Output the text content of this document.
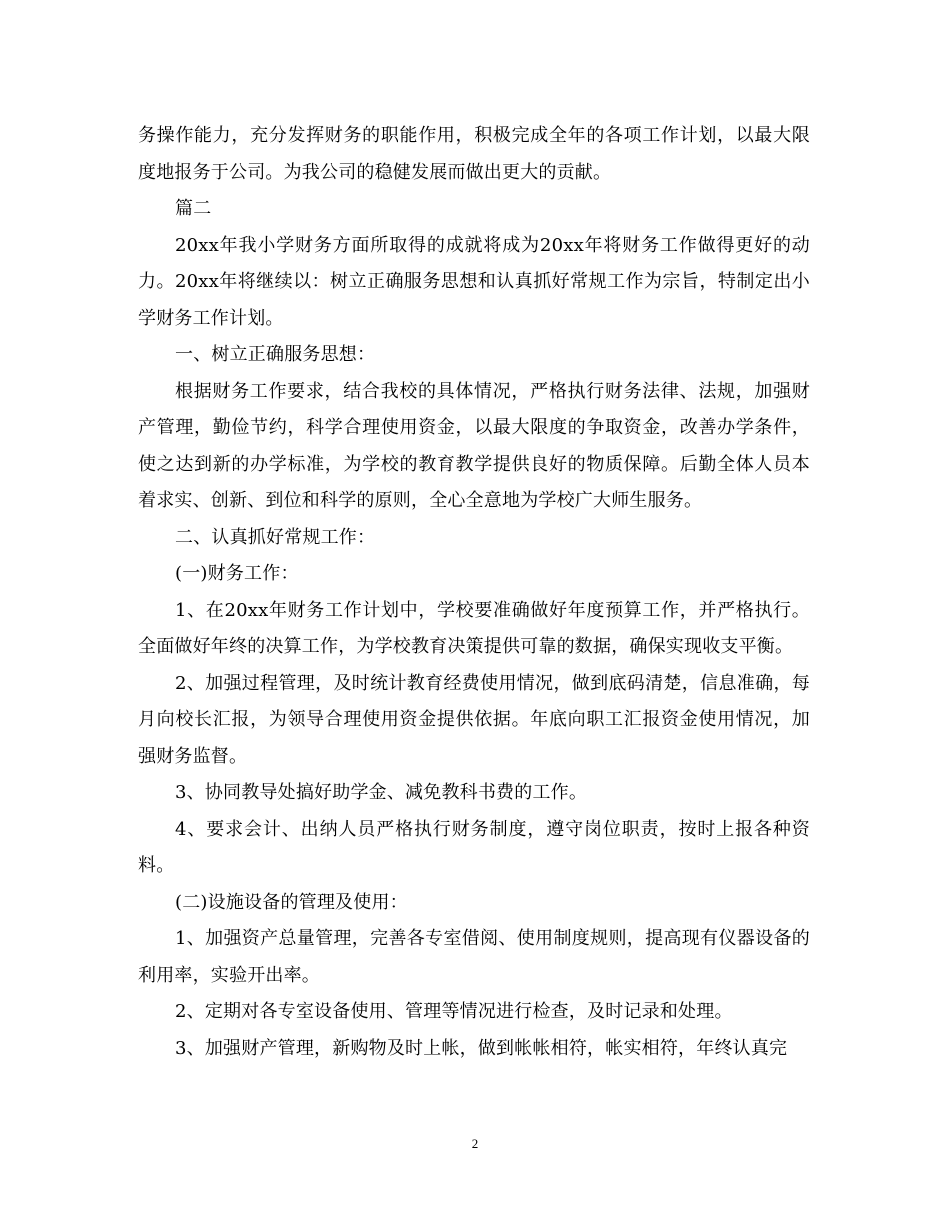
务操作能力，充分发挥财务的职能作用，积极完成全年的各项工作计划，以最大限度地报务于公司。为我公司的稳健发展而做出更大的贡献。

篇二

20xx年我小学财务方面所取得的成就将成为20xx年将财务工作做得更好的动力。20xx年将继续以：树立正确服务思想和认真抓好常规工作为宗旨，特制定出小学财务工作计划。

一、树立正确服务思想：

根据财务工作要求，结合我校的具体情况，严格执行财务法律、法规，加强财产管理，勤俭节约，科学合理使用资金，以最大限度的争取资金，改善办学条件，使之达到新的办学标准，为学校的教育教学提供良好的物质保障。后勤全体人员本着求实、创新、到位和科学的原则，全心全意地为学校广大师生服务。

二、认真抓好常规工作：

(一)财务工作：

1、在20xx年财务工作计划中，学校要准确做好年度预算工作，并严格执行。全面做好年终的决算工作，为学校教育决策提供可靠的数据，确保实现收支平衡。

2、加强过程管理，及时统计教育经费使用情况，做到底码清楚，信息准确，每月向校长汇报，为领导合理使用资金提供依据。年底向职工汇报资金使用情况，加强财务监督。

3、协同教导处搞好助学金、减免教科书费的工作。

4、要求会计、出纳人员严格执行财务制度，遵守岗位职责，按时上报各种资料。

(二)设施设备的管理及使用：

1、加强资产总量管理，完善各专室借阅、使用制度规则，提高现有仪器设备的利用率，实验开出率。

2、定期对各专室设备使用、管理等情况进行检查，及时记录和处理。

3、加强财产管理，新购物及时上帐，做到帐帐相符，帐实相符，年终认真完

2
